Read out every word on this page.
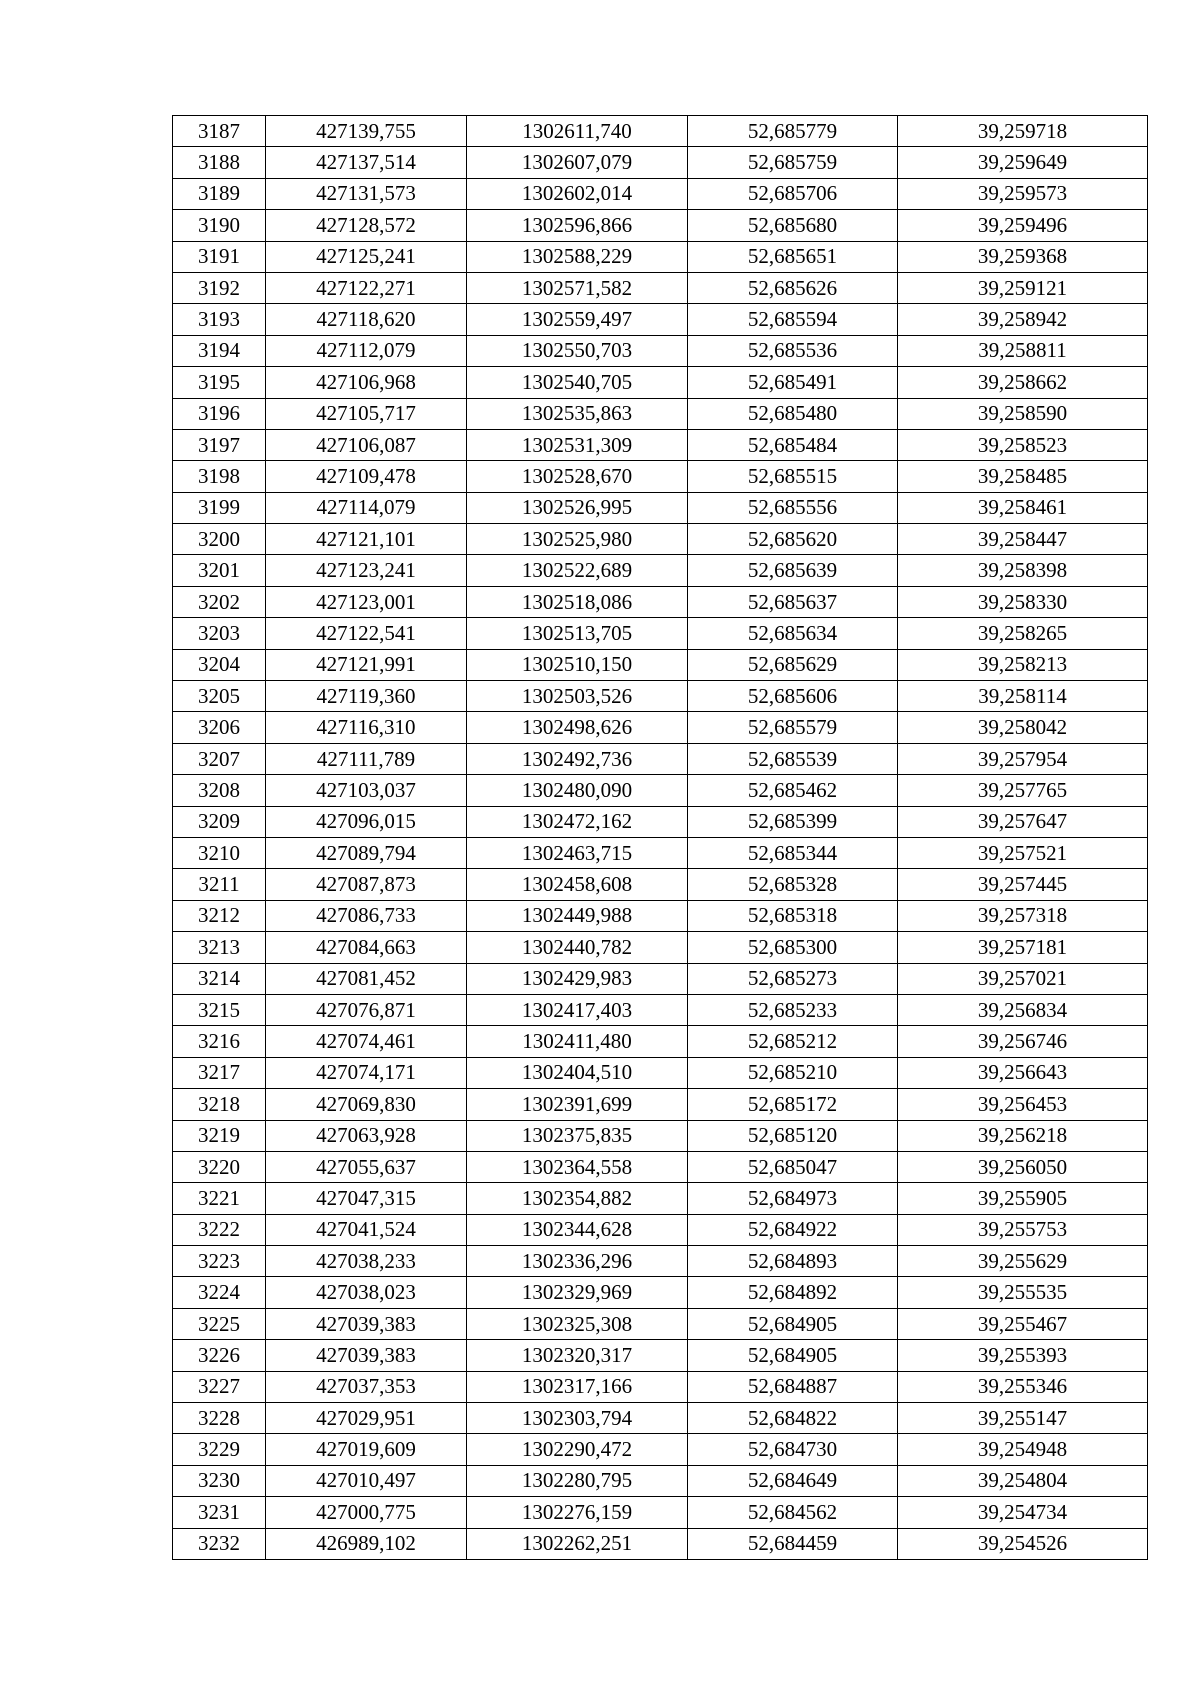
3187	427139,755	1302611,740	52,685779	39,259718
3188	427137,514	1302607,079	52,685759	39,259649
3189	427131,573	1302602,014	52,685706	39,259573
3190	427128,572	1302596,866	52,685680	39,259496
3191	427125,241	1302588,229	52,685651	39,259368
3192	427122,271	1302571,582	52,685626	39,259121
3193	427118,620	1302559,497	52,685594	39,258942
3194	427112,079	1302550,703	52,685536	39,258811
3195	427106,968	1302540,705	52,685491	39,258662
3196	427105,717	1302535,863	52,685480	39,258590
3197	427106,087	1302531,309	52,685484	39,258523
3198	427109,478	1302528,670	52,685515	39,258485
3199	427114,079	1302526,995	52,685556	39,258461
3200	427121,101	1302525,980	52,685620	39,258447
3201	427123,241	1302522,689	52,685639	39,258398
3202	427123,001	1302518,086	52,685637	39,258330
3203	427122,541	1302513,705	52,685634	39,258265
3204	427121,991	1302510,150	52,685629	39,258213
3205	427119,360	1302503,526	52,685606	39,258114
3206	427116,310	1302498,626	52,685579	39,258042
3207	427111,789	1302492,736	52,685539	39,257954
3208	427103,037	1302480,090	52,685462	39,257765
3209	427096,015	1302472,162	52,685399	39,257647
3210	427089,794	1302463,715	52,685344	39,257521
3211	427087,873	1302458,608	52,685328	39,257445
3212	427086,733	1302449,988	52,685318	39,257318
3213	427084,663	1302440,782	52,685300	39,257181
3214	427081,452	1302429,983	52,685273	39,257021
3215	427076,871	1302417,403	52,685233	39,256834
3216	427074,461	1302411,480	52,685212	39,256746
3217	427074,171	1302404,510	52,685210	39,256643
3218	427069,830	1302391,699	52,685172	39,256453
3219	427063,928	1302375,835	52,685120	39,256218
3220	427055,637	1302364,558	52,685047	39,256050
3221	427047,315	1302354,882	52,684973	39,255905
3222	427041,524	1302344,628	52,684922	39,255753
3223	427038,233	1302336,296	52,684893	39,255629
3224	427038,023	1302329,969	52,684892	39,255535
3225	427039,383	1302325,308	52,684905	39,255467
3226	427039,383	1302320,317	52,684905	39,255393
3227	427037,353	1302317,166	52,684887	39,255346
3228	427029,951	1302303,794	52,684822	39,255147
3229	427019,609	1302290,472	52,684730	39,254948
3230	427010,497	1302280,795	52,684649	39,254804
3231	427000,775	1302276,159	52,684562	39,254734
3232	426989,102	1302262,251	52,684459	39,254526
